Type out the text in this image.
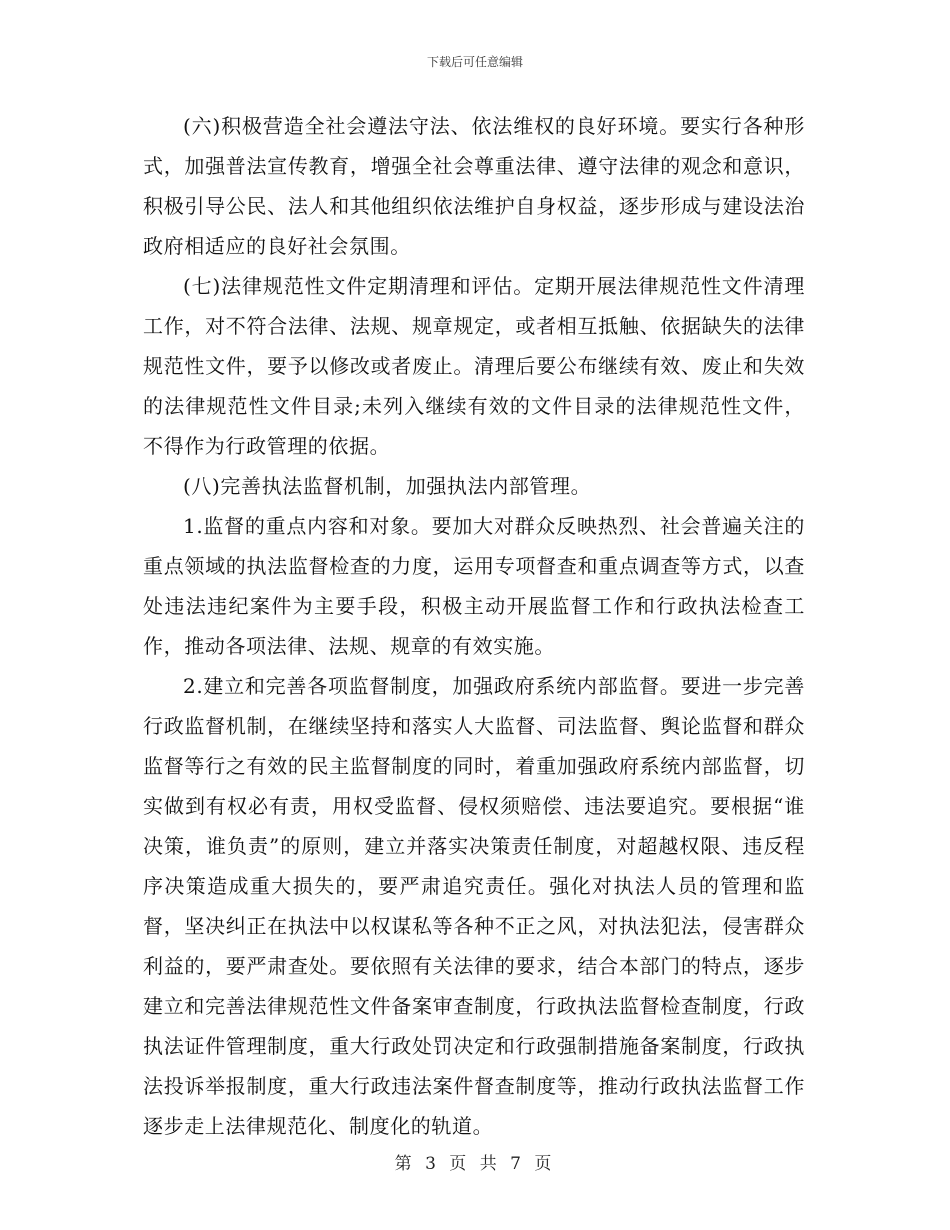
下载后可任意编辑

(六)积极营造全社会遵法守法、依法维权的良好环境。要实行各种形式，加强普法宣传教育，增强全社会尊重法律、遵守法律的观念和意识，积极引导公民、法人和其他组织依法维护自身权益，逐步形成与建设法治政府相适应的良好社会氛围。

(七)法律规范性文件定期清理和评估。定期开展法律规范性文件清理工作，对不符合法律、法规、规章规定，或者相互抵触、依据缺失的法律规范性文件，要予以修改或者废止。清理后要公布继续有效、废止和失效的法律规范性文件目录;未列入继续有效的文件目录的法律规范性文件，不得作为行政管理的依据。

(八)完善执法监督机制，加强执法内部管理。

1.监督的重点内容和对象。要加大对群众反映热烈、社会普遍关注的重点领域的执法监督检查的力度，运用专项督查和重点调查等方式，以查处违法违纪案件为主要手段，积极主动开展监督工作和行政执法检查工作，推动各项法律、法规、规章的有效实施。

2.建立和完善各项监督制度，加强政府系统内部监督。要进一步完善行政监督机制，在继续坚持和落实人大监督、司法监督、舆论监督和群众监督等行之有效的民主监督制度的同时，着重加强政府系统内部监督，切实做到有权必有责，用权受监督、侵权须赔偿、违法要追究。要根据“谁决策，谁负责”的原则，建立并落实决策责任制度，对超越权限、违反程序决策造成重大损失的，要严肃追究责任。强化对执法人员的管理和监督，坚决纠正在执法中以权谋私等各种不正之风，对执法犯法，侵害群众利益的，要严肃查处。要依照有关法律的要求，结合本部门的特点，逐步建立和完善法律规范性文件备案审查制度，行政执法监督检查制度，行政执法证件管理制度，重大行政处罚决定和行政强制措施备案制度，行政执法投诉举报制度，重大行政违法案件督查制度等，推动行政执法监督工作逐步走上法律规范化、制度化的轨道。

第 3 页 共 7 页
